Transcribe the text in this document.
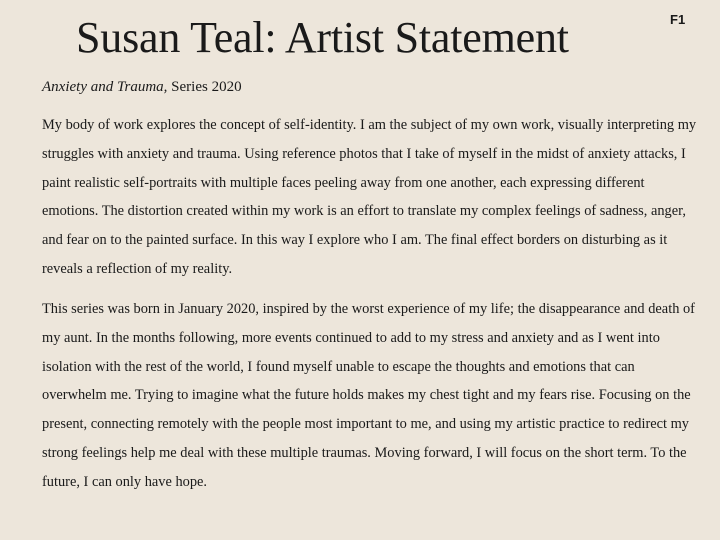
Susan Teal: Artist Statement	F1
Anxiety and Trauma, Series 2020

My body of work explores the concept of self-identity. I am the subject of my own work, visually interpreting my struggles with anxiety and trauma. Using reference photos that I take of myself in the midst of anxiety attacks, I paint realistic self-portraits with multiple faces peeling away from one another, each expressing different emotions. The distortion created within my work is an effort to translate my complex feelings of sadness, anger, and fear on to the painted surface. In this way I explore who I am. The final effect borders on disturbing as it reveals a reflection of my reality.

This series was born in January 2020, inspired by the worst experience of my life; the disappearance and death of my aunt. In the months following, more events continued to add to my stress and anxiety and as I went into isolation with the rest of the world, I found myself unable to escape the thoughts and emotions that can overwhelm me. Trying to imagine what the future holds makes my chest tight and my fears rise. Focusing on the present, connecting remotely with the people most important to me, and using my artistic practice to redirect my strong feelings help me deal with these multiple traumas. Moving forward, I will focus on the short term. To the future, I can only have hope.
